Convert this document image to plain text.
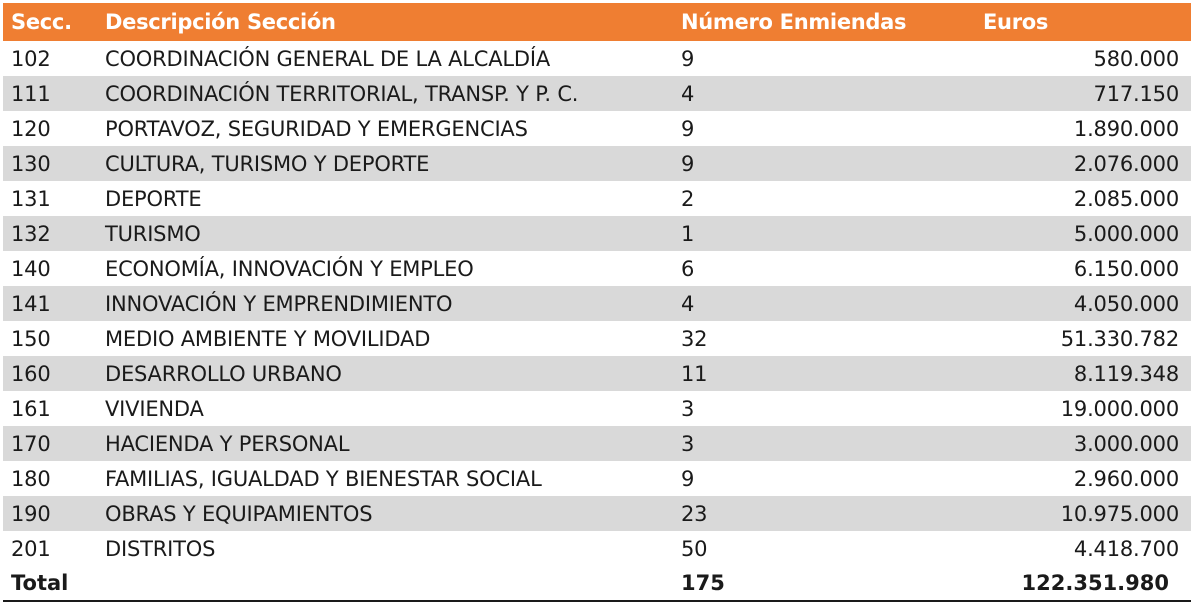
Secc.	Descripción Sección	Número Enmiendas	Euros
102	COORDINACIÓN GENERAL DE LA ALCALDÍA	9	580.000
111	COORDINACIÓN TERRITORIAL, TRANSP. Y P. C.	4	717.150
120	PORTAVOZ, SEGURIDAD Y EMERGENCIAS	9	1.890.000
130	CULTURA, TURISMO Y DEPORTE	9	2.076.000
131	DEPORTE	2	2.085.000
132	TURISMO	1	5.000.000
140	ECONOMÍA, INNOVACIÓN Y EMPLEO	6	6.150.000
141	INNOVACIÓN Y EMPRENDIMIENTO	4	4.050.000
150	MEDIO AMBIENTE Y MOVILIDAD	32	51.330.782
160	DESARROLLO URBANO	11	8.119.348
161	VIVIENDA	3	19.000.000
170	HACIENDA Y PERSONAL	3	3.000.000
180	FAMILIAS, IGUALDAD Y BIENESTAR SOCIAL	9	2.960.000
190	OBRAS Y EQUIPAMIENTOS	23	10.975.000
201	DISTRITOS	50	4.418.700
Total		175	122.351.980
